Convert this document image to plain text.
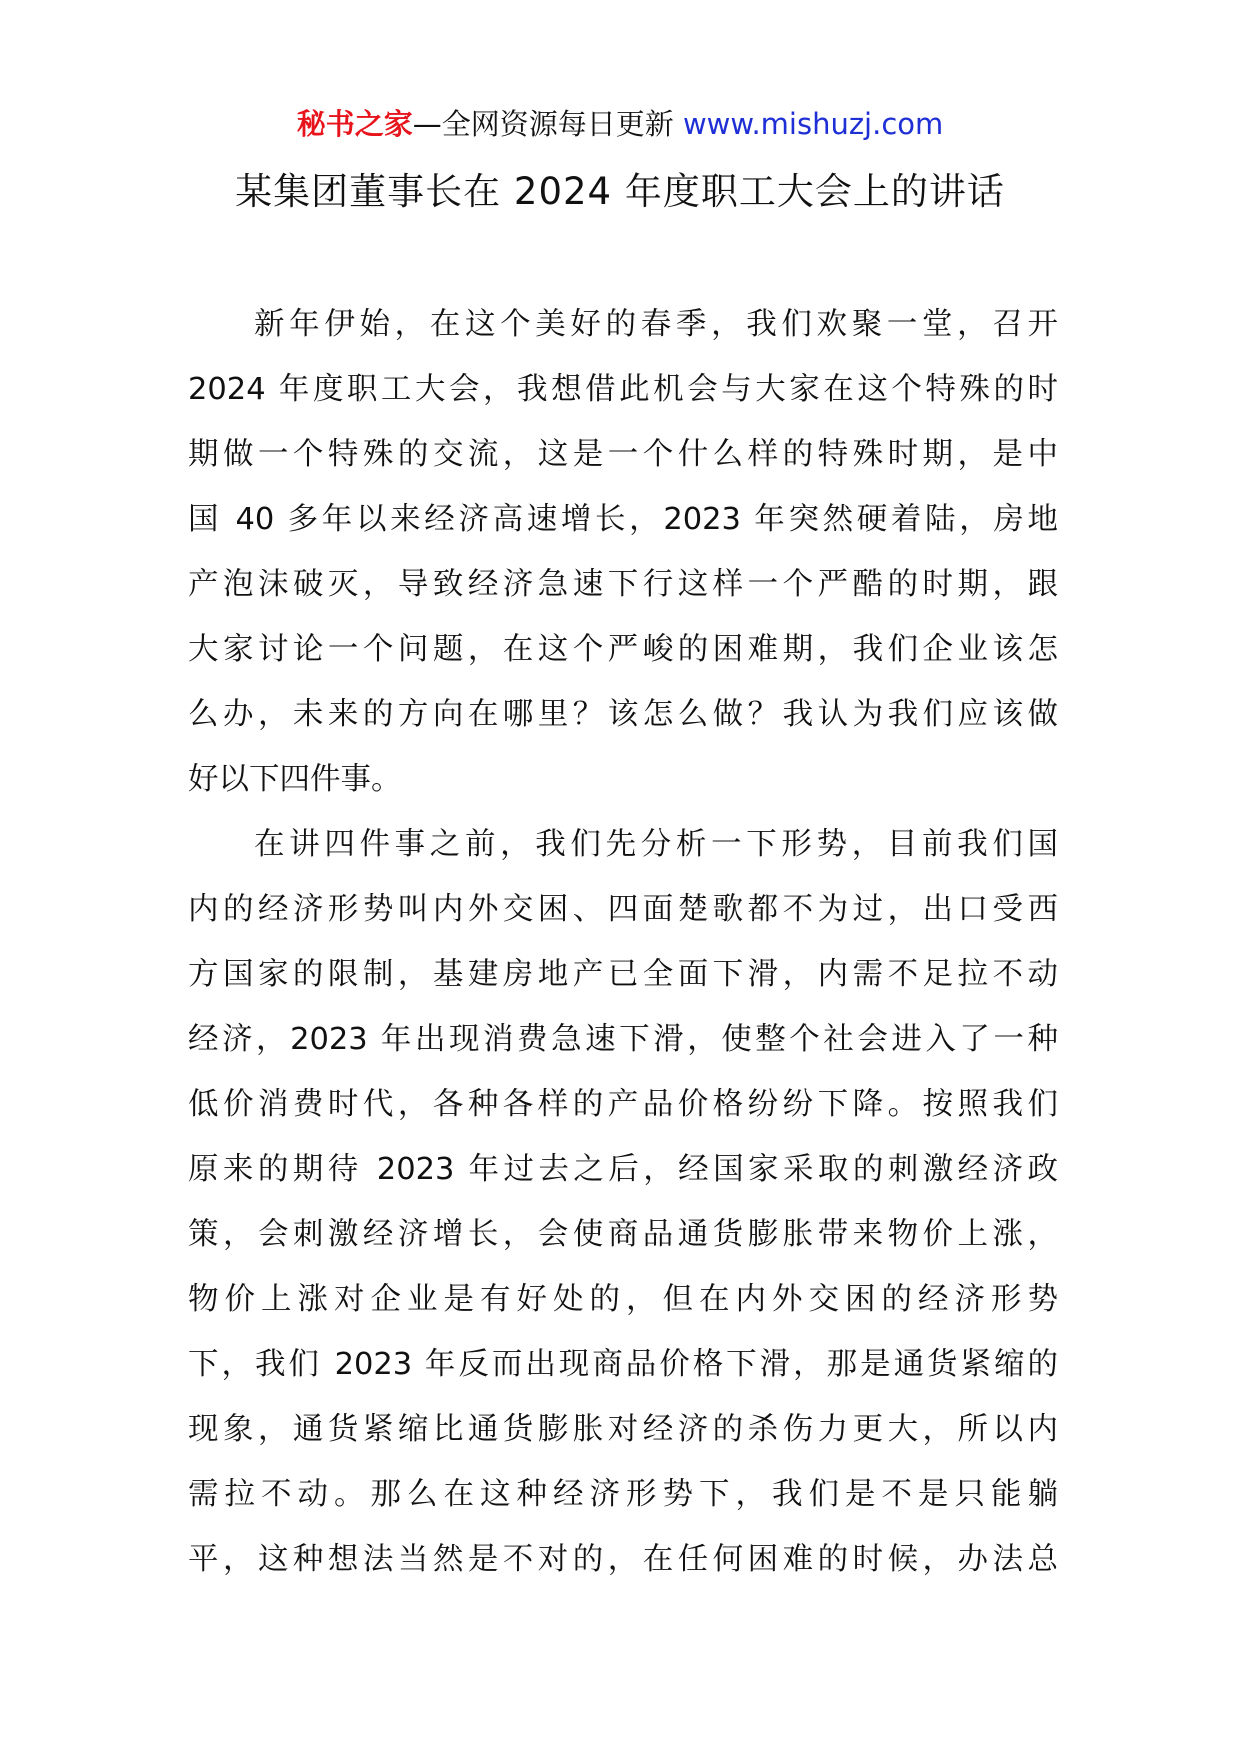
秘书之家—全网资源每日更新 www.mishuzj.com
某集团董事长在 2024 年度职工大会上的讲话
新年伊始，在这个美好的春季，我们欢聚一堂，召开
2024 年度职工大会，我想借此机会与大家在这个特殊的时
期做一个特殊的交流，这是一个什么样的特殊时期，是中
国 40 多年以来经济高速增长，2023 年突然硬着陆，房地
产泡沫破灭，导致经济急速下行这样一个严酷的时期，跟
大家讨论一个问题，在这个严峻的困难期，我们企业该怎
么办，未来的方向在哪里？该怎么做？我认为我们应该做
好以下四件事。
在讲四件事之前，我们先分析一下形势，目前我们国
内的经济形势叫内外交困、四面楚歌都不为过，出口受西
方国家的限制，基建房地产已全面下滑，内需不足拉不动
经济，2023 年出现消费急速下滑，使整个社会进入了一种
低价消费时代，各种各样的产品价格纷纷下降。按照我们
原来的期待 2023 年过去之后，经国家采取的刺激经济政
策，会刺激经济增长，会使商品通货膨胀带来物价上涨，
物价上涨对企业是有好处的，但在内外交困的经济形势
下，我们 2023 年反而出现商品价格下滑，那是通货紧缩的
现象，通货紧缩比通货膨胀对经济的杀伤力更大，所以内
需拉不动。那么在这种经济形势下，我们是不是只能躺
平，这种想法当然是不对的，在任何困难的时候，办法总
